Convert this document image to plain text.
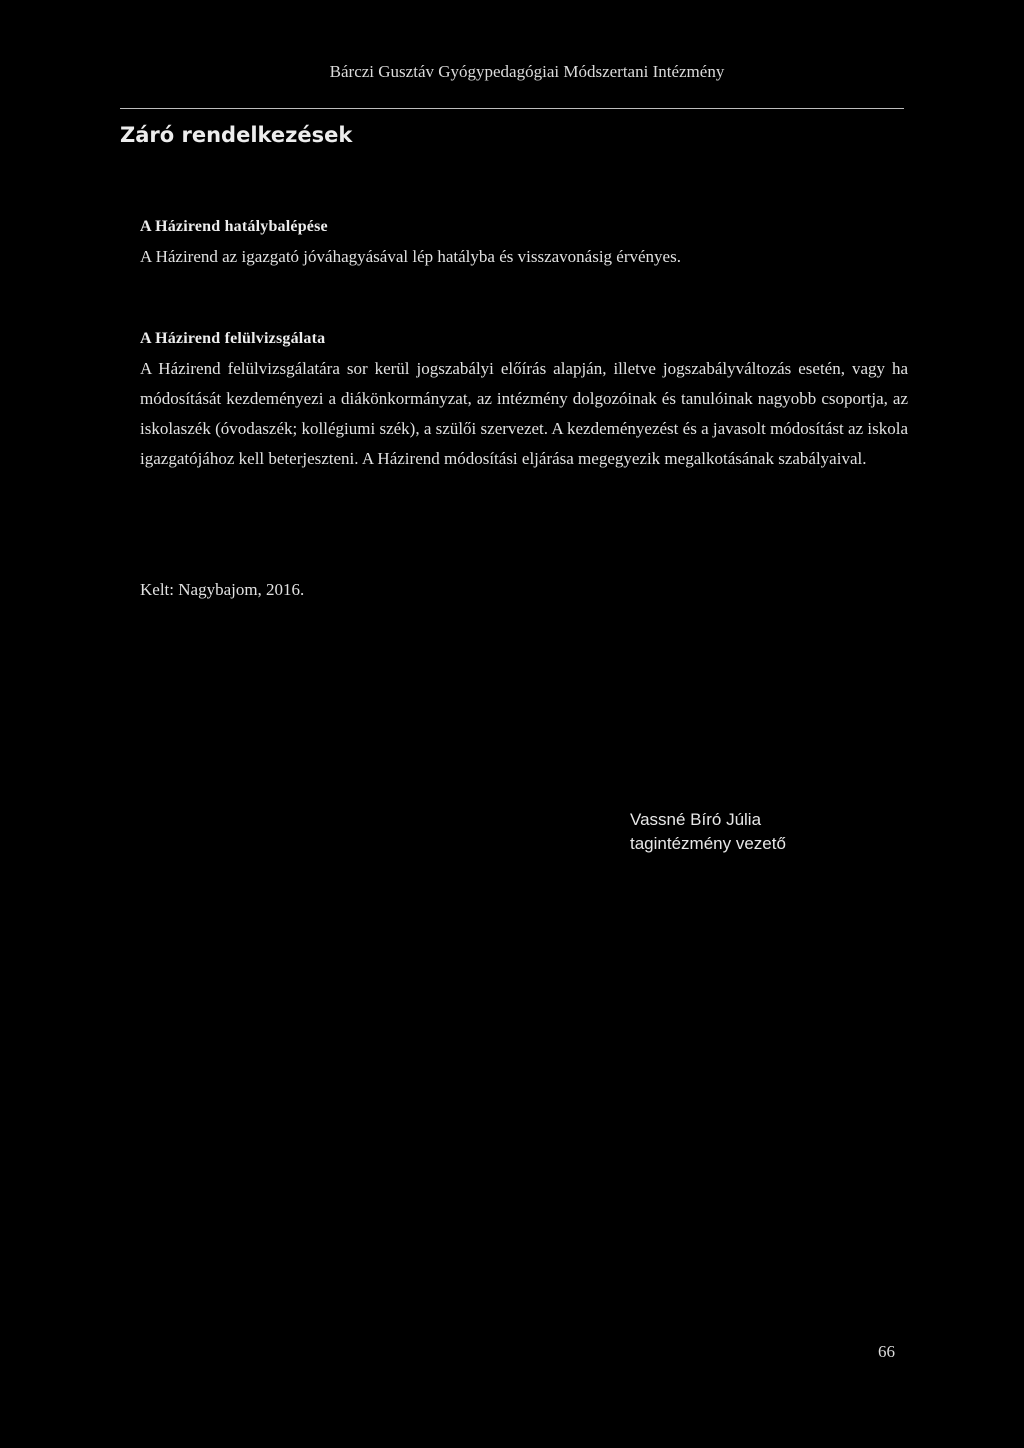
Bárczi Gusztáv Gyógypedagógiai Módszertani Intézmény
Záró rendelkezések
A Házirend hatálybalépése

A Házirend az igazgató jóváhagyásával lép hatályba és visszavonásig érvényes.

A Házirend felülvizsgálata

A Házirend felülvizsgálatára sor kerül jogszabályi előírás alapján, illetve jogszabályváltozás esetén, vagy ha módosítását kezdeményezi a diákönkormányzat, az intézmény dolgozóinak és tanulóinak nagyobb csoportja, az iskolaszék (óvodaszék; kollégiumi szék), a szülői szervezet. A kezdeményezést és a javasolt módosítást az iskola igazgatójához kell beterjeszteni. A Házirend módosítási eljárása megegyezik megalkotásának szabályaival.

Kelt: Nagybajom, 2016.
Vassné Bíró Júlia
tagintézmény vezető
66
